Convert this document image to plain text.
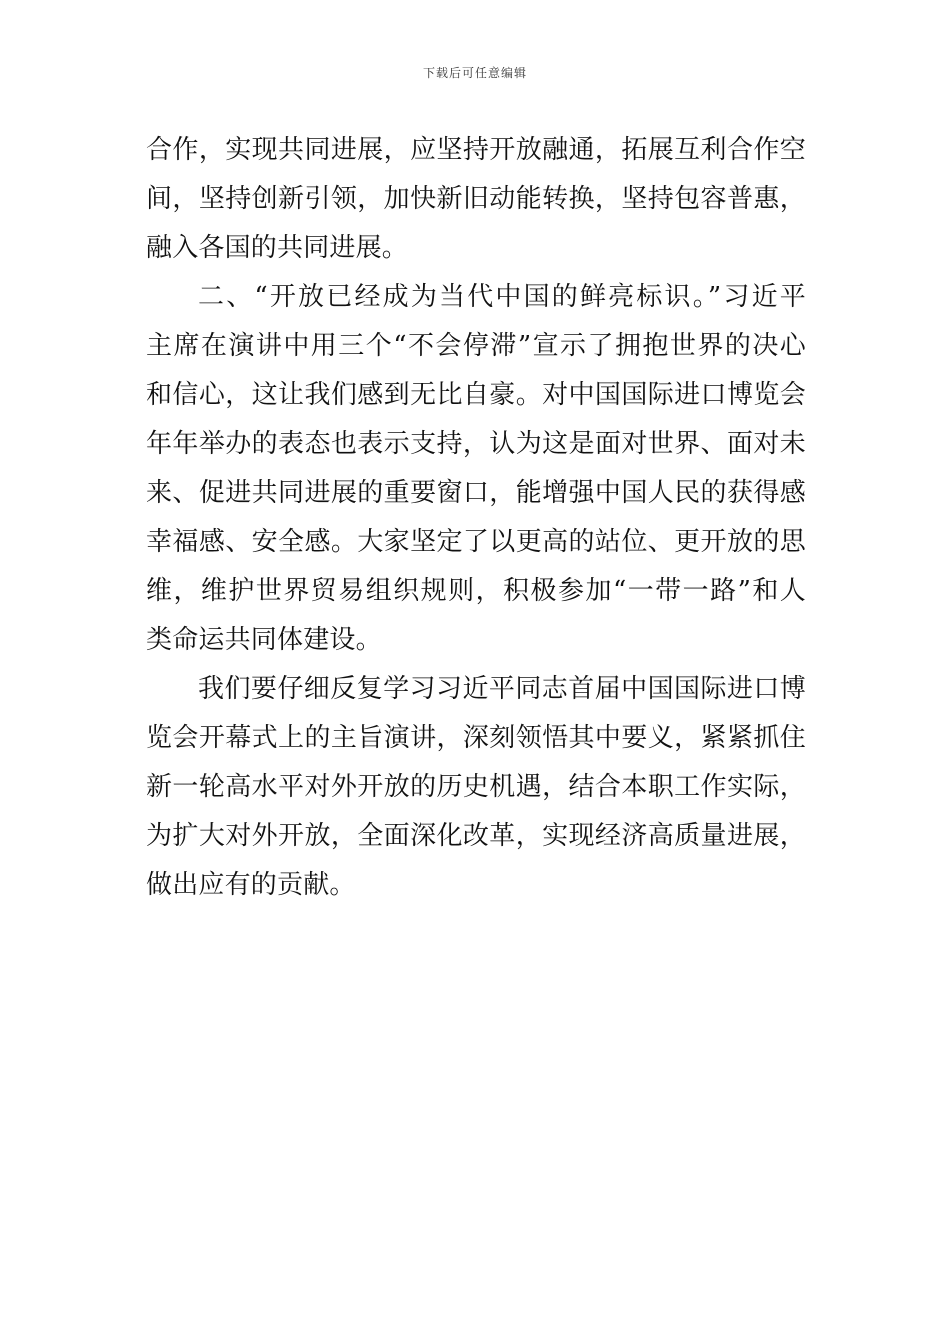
下载后可任意编辑
合作，实现共同进展，应坚持开放融通，拓展互利合作空
间，坚持创新引领，加快新旧动能转换，坚持包容普惠，
融入各国的共同进展。
二、“开放已经成为当代中国的鲜亮标识。”习近平
主席在演讲中用三个“不会停滞”宣示了拥抱世界的决心
和信心，这让我们感到无比自豪。对中国国际进口博览会
年年举办的表态也表示支持，认为这是面对世界、面对未
来、促进共同进展的重要窗口，能增强中国人民的获得感
幸福感、安全感。大家坚定了以更高的站位、更开放的思
维，维护世界贸易组织规则，积极参加“一带一路”和人
类命运共同体建设。
我们要仔细反复学习习近平同志首届中国国际进口博
览会开幕式上的主旨演讲，深刻领悟其中要义，紧紧抓住
新一轮高水平对外开放的历史机遇，结合本职工作实际，
为扩大对外开放，全面深化改革，实现经济高质量进展，
做出应有的贡献。
